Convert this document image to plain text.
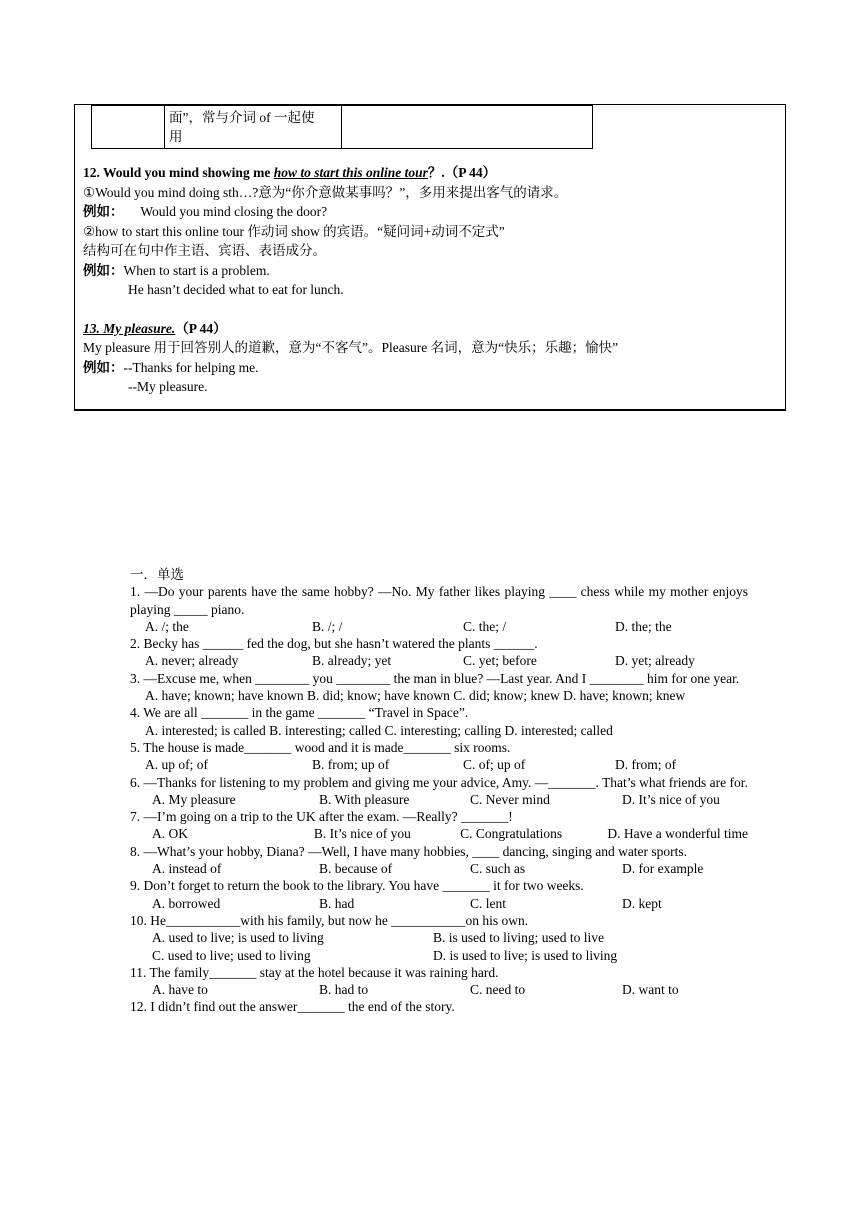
面”，常与介词 of 一起使
用

12. Would you mind showing me how to start this online tour？.（P 44）

①Would you mind doing sth…?意为“你介意做某事吗？”，多用来提出客气的请求。

例如： Would you mind closing the door?

②how to start this online tour 作动词 show 的宾语。“疑问词+动词不定式”

结构可在句中作主语、宾语、表语成分。

例如：When to start is a problem.

He hasn’t decided what to eat for lunch.

13. My pleasure.（P 44）

My pleasure 用于回答别人的道歉，意为“不客气”。Pleasure 名词，意为“快乐；乐趣；愉快”

例如：--Thanks for helping me.

--My pleasure.

一．单选

1. —Do your parents have the same hobby? —No. My father likes playing ____ chess while my mother enjoys playing _____ piano.

A. /; the	B. /; /	C. the; /	D. the; the

2. Becky has ______ fed the dog, but she hasn’t watered the plants ______.

A. never; already	B. already; yet	C. yet; before	D. yet; already

3. —Excuse me, when ________ you ________ the man in blue? —Last year. And I ________ him for one year.

A. have; known; have known B. did; know; have known C. did; know; knew D. have; known; knew

4. We are all _______ in the game _______ “Travel in Space”.

A. interested; is called B. interesting; called C. interesting; calling D. interested; called

5. The house is made_______ wood and it is made_______ six rooms.

A. up of; of	B. from; up of	C. of; up of	D. from; of

6. —Thanks for listening to my problem and giving me your advice, Amy. —_______. That’s what friends are for.

A. My pleasure	B. With pleasure	C. Never mind	D. It’s nice of you

7. —I’m going on a trip to the UK after the exam. —Really? _______!

A. OK	B. It’s nice of you	C. Congratulations	D. Have a wonderful time

8. —What’s your hobby, Diana? —Well, I have many hobbies, ____ dancing, singing and water sports.

A. instead of	B. because of	C. such as	D. for example

9. Don’t forget to return the book to the library. You have _______ it for two weeks.

A. borrowed	B. had	C. lent	D. kept

10. He___________with his family, but now he ___________on his own.

A. used to live; is used to living	B. is used to living; used to live

C. used to live; used to living	D. is used to live; is used to living

11. The family_______ stay at the hotel because it was raining hard.

A. have to	B. had to	C. need to	D. want to

12. I didn’t find out the answer_______ the end of the story.
